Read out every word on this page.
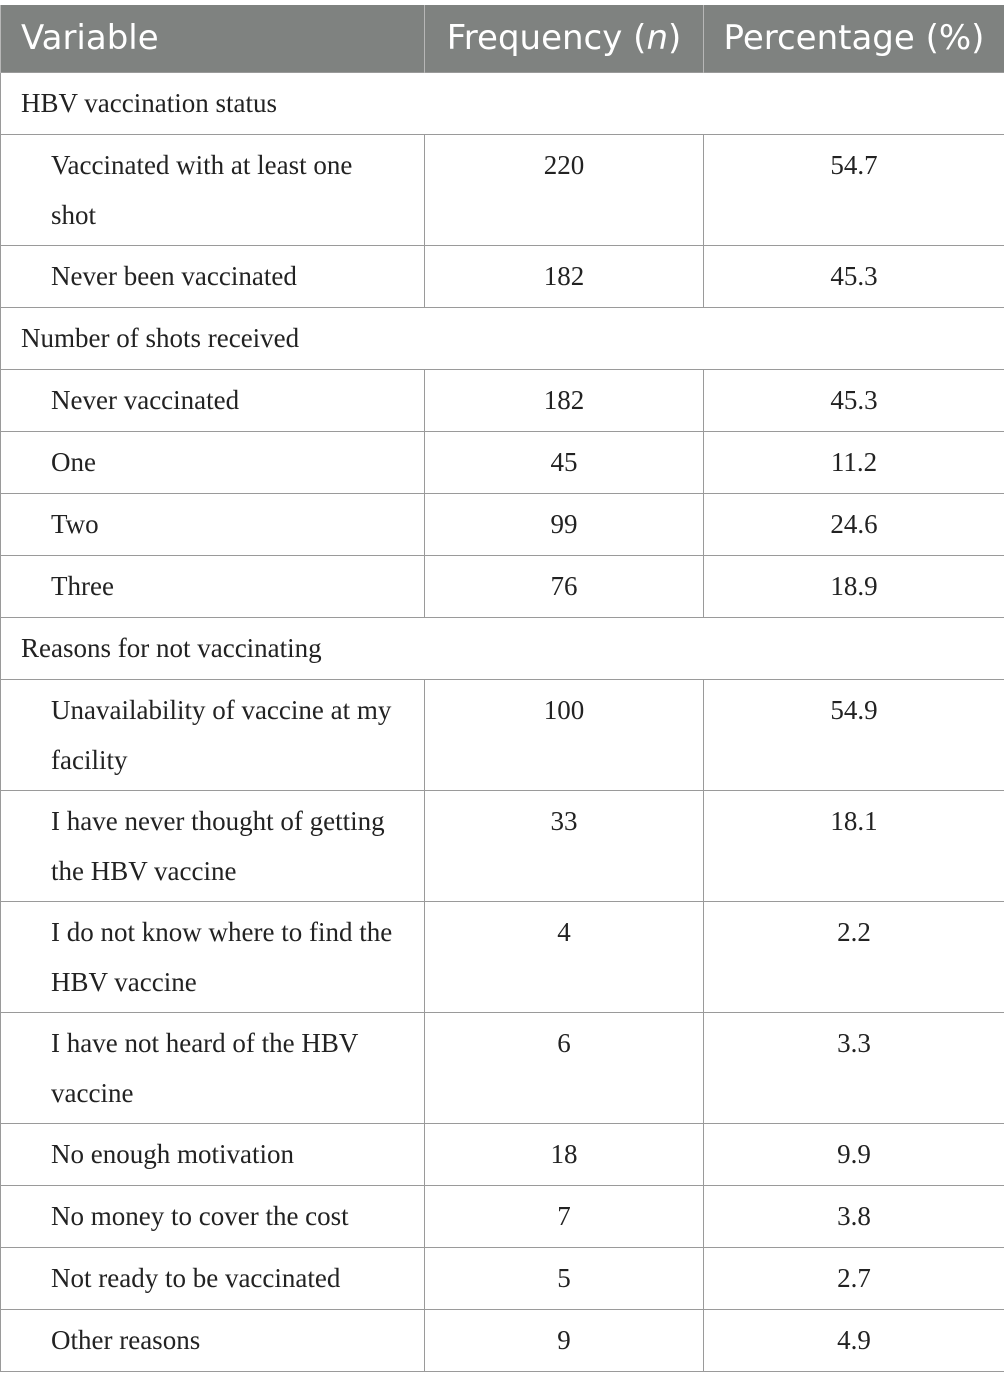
Variable	Frequency (n)	Percentage (%)
HBV vaccination status		
Vaccinated with at least one shot	220	54.7
Never been vaccinated	182	45.3
Number of shots received		
Never vaccinated	182	45.3
One	45	11.2
Two	99	24.6
Three	76	18.9
Reasons for not vaccinating		
Unavailability of vaccine at my facility	100	54.9
I have never thought of getting the HBV vaccine	33	18.1
I do not know where to find the HBV vaccine	4	2.2
I have not heard of the HBV vaccine	6	3.3
No enough motivation	18	9.9
No money to cover the cost	7	3.8
Not ready to be vaccinated	5	2.7
Other reasons	9	4.9
